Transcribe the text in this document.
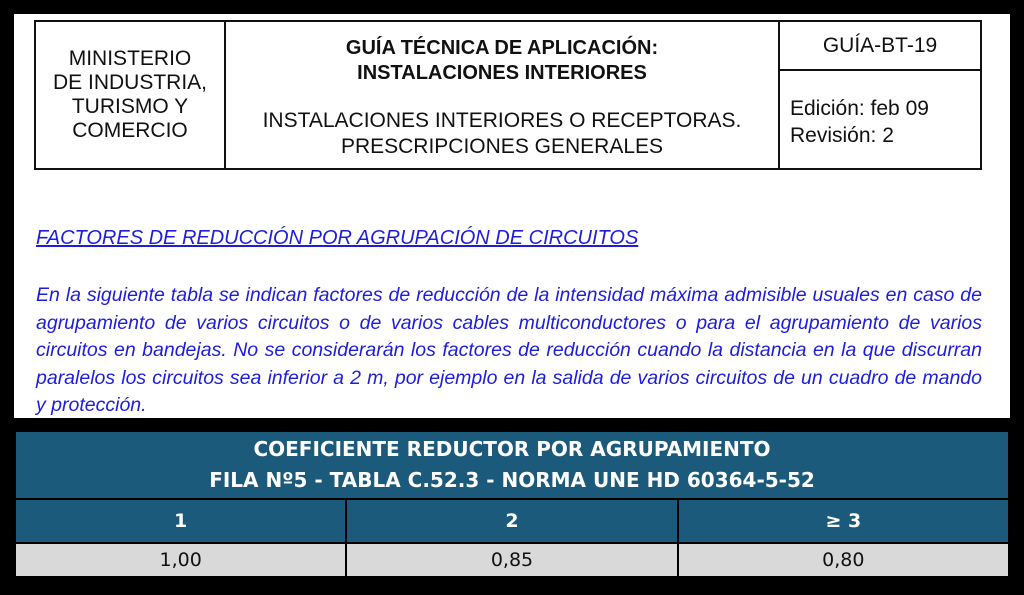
MINISTERIO
DE INDUSTRIA,
TURISMO Y
COMERCIO
GUÍA TÉCNICA DE APLICACIÓN:
INSTALACIONES INTERIORES
INSTALACIONES INTERIORES O RECEPTORAS.
PRESCRIPCIONES GENERALES
GUÍA-BT-19
Edición: feb 09
Revisión: 2
FACTORES DE REDUCCIÓN POR AGRUPACIÓN DE CIRCUITOS
En la siguiente tabla se indican factores de reducción de la intensidad máxima admisible usuales en caso de agrupamiento de varios circuitos o de varios cables multiconductores o para el agrupamiento de varios circuitos en bandejas. No se considerarán los factores de reducción cuando la distancia en la que discurran paralelos los circuitos sea inferior a 2 m, por ejemplo en la salida de varios circuitos de un cuadro de mando y protección.
COEFICIENTE REDUCTOR POR AGRUPAMIENTO
FILA Nº5 - TABLA C.52.3 - NORMA UNE HD 60364-5-52		

1	2	≥ 3
1,00	0,85	0,80
